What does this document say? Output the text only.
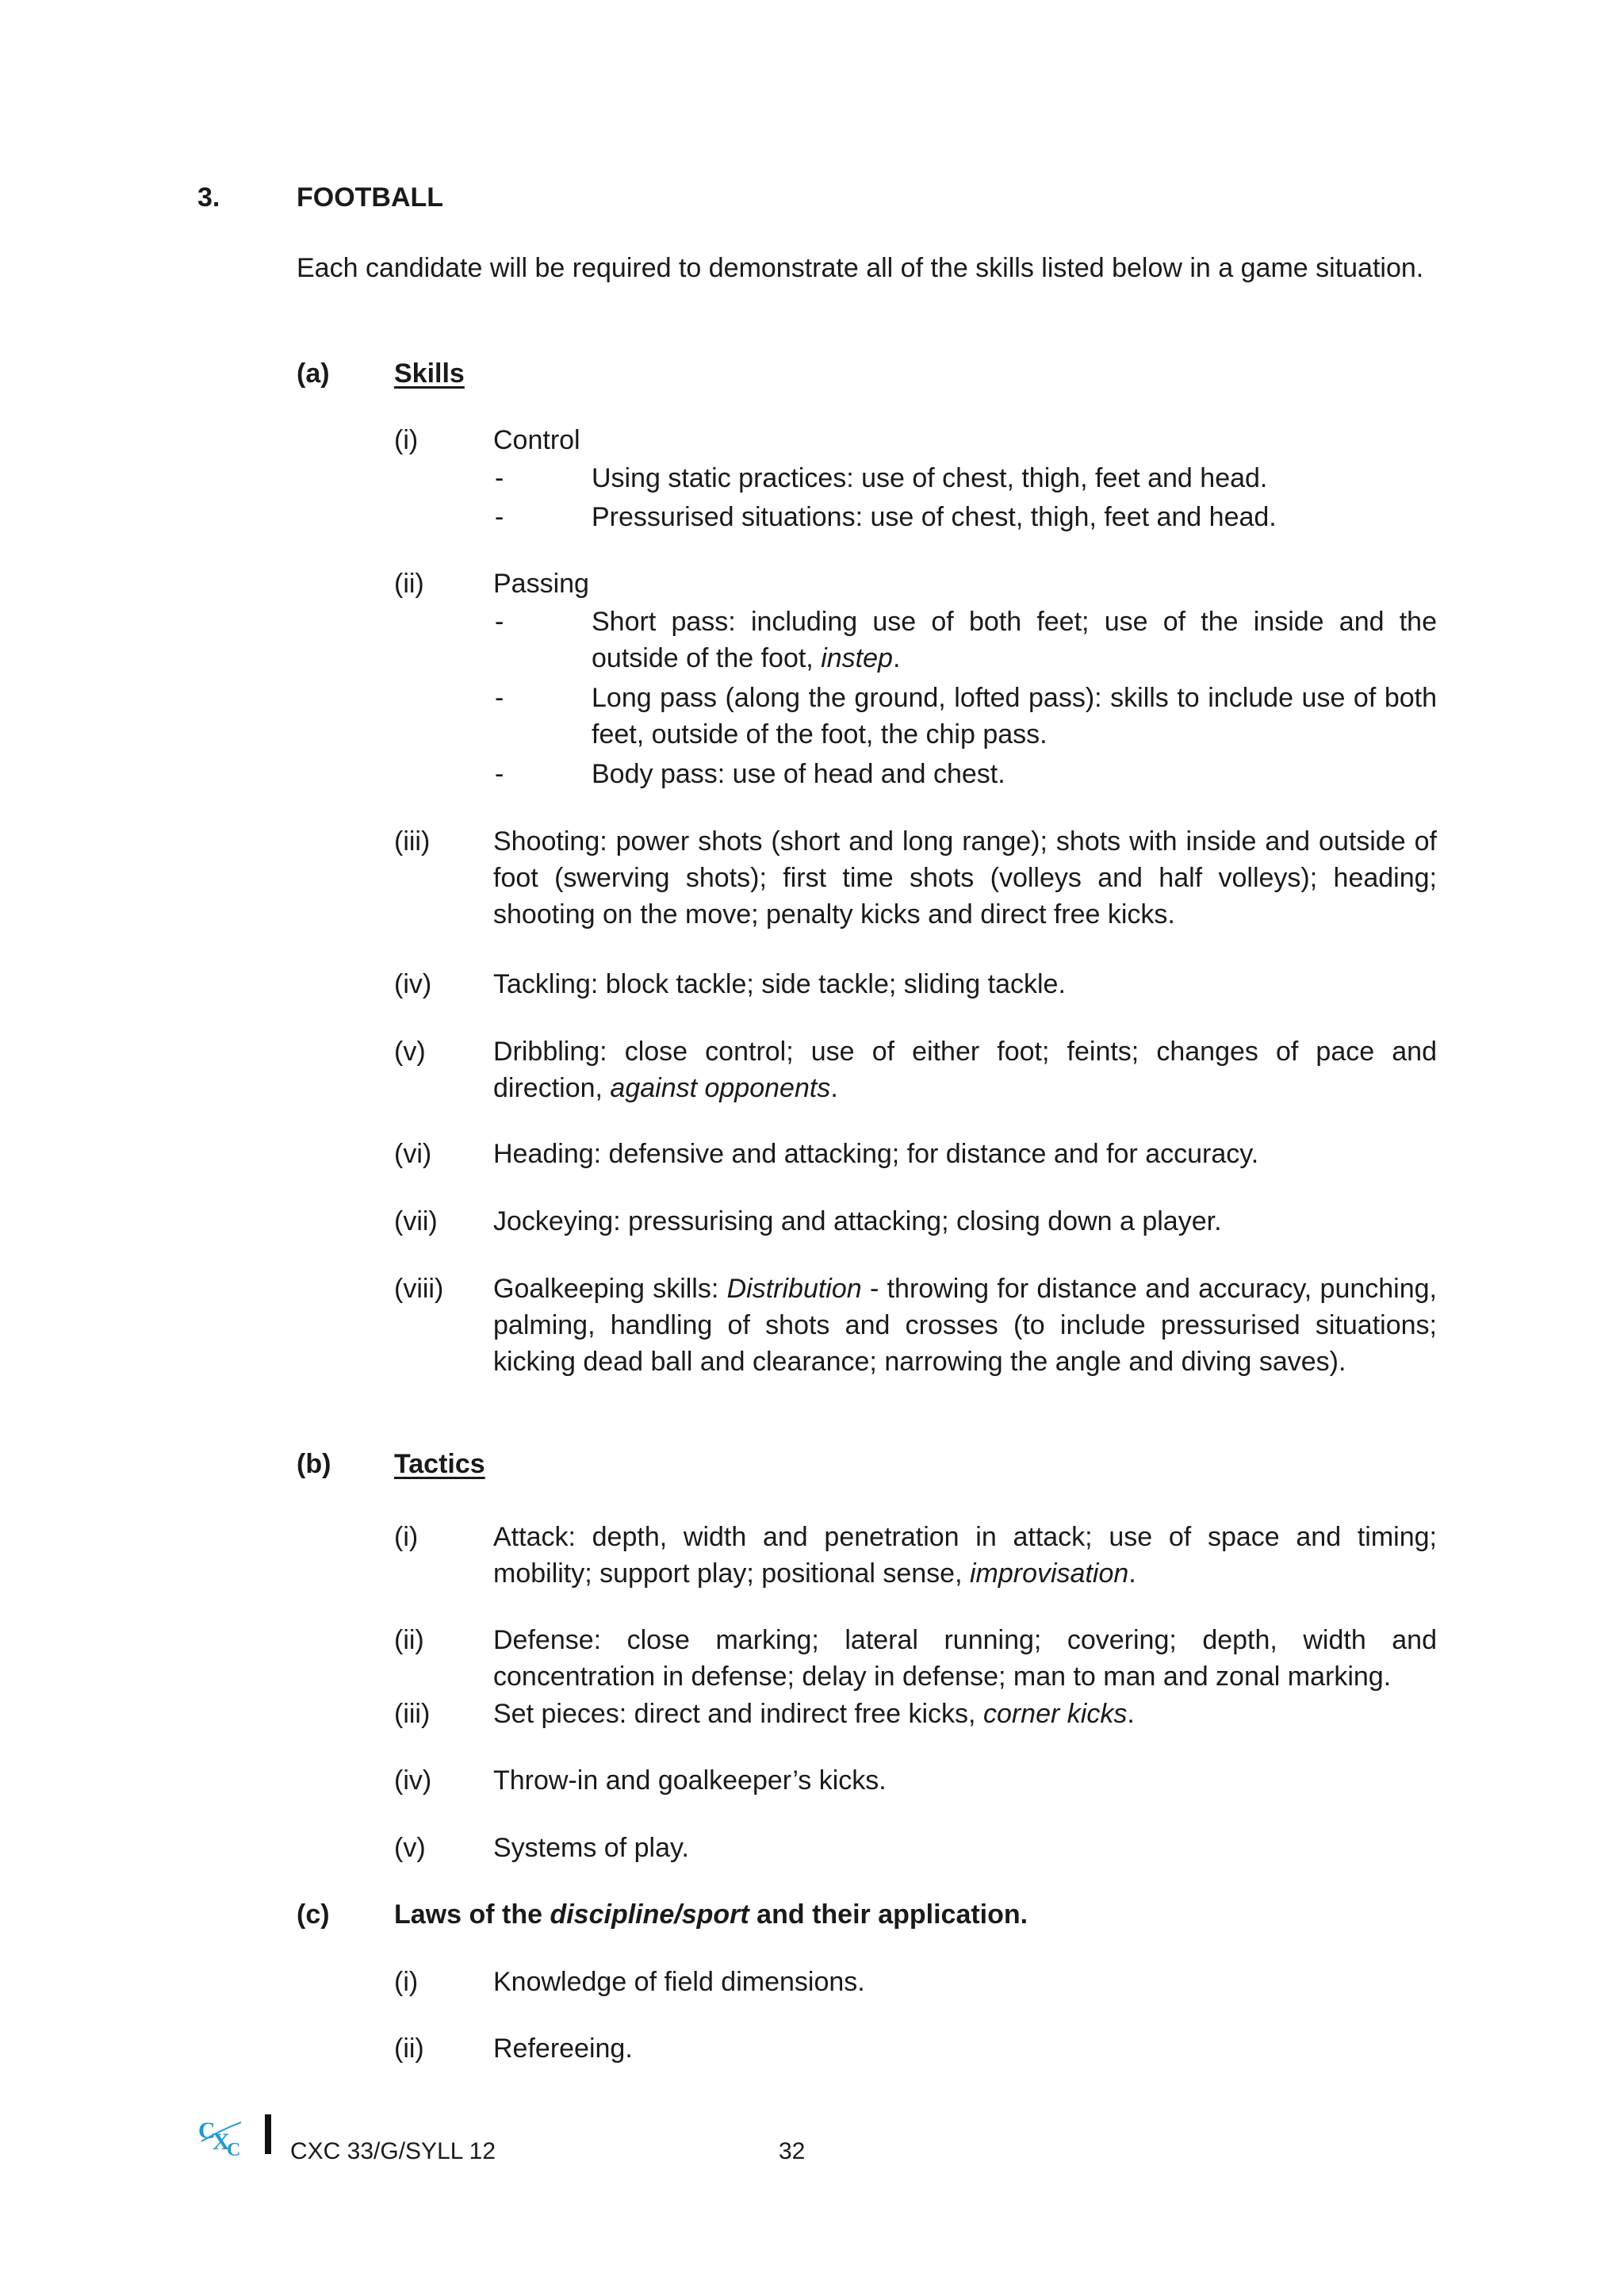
3.	FOOTBALL
Each candidate will be required to demonstrate all of the skills listed below in a game situation.
(a) Skills
(i)	Control
-	Using static practices: use of chest, thigh, feet and head.
-	Pressurised situations: use of chest, thigh, feet and head.
(ii)	Passing
-	Short pass: including use of both feet; use of the inside and the outside of the foot, instep.
-	Long pass (along the ground, lofted pass): skills to include use of both feet, outside of the foot, the chip pass.
-	Body pass: use of head and chest.
(iii) Shooting: power shots (short and long range); shots with inside and outside of foot (swerving shots); first time shots (volleys and half volleys); heading; shooting on the move; penalty kicks and direct free kicks.
(iv) Tackling: block tackle; side tackle; sliding tackle.
(v)	Dribbling: close control; use of either foot; feints; changes of pace and direction, against opponents.
(vi) Heading: defensive and attacking; for distance and for accuracy.
(vii) Jockeying: pressurising and attacking; closing down a player.
(viii) Goalkeeping skills: Distribution - throwing for distance and accuracy, punching, palming, handling of shots and crosses (to include pressurised situations; kicking dead ball and clearance; narrowing the angle and diving saves).
(b) Tactics
(i)	Attack: depth, width and penetration in attack; use of space and timing; mobility; support play; positional sense, improvisation.
(ii)	Defense: close marking; lateral running; covering; depth, width and concentration in defense; delay in defense; man to man and zonal marking.
(iii) Set pieces: direct and indirect free kicks, corner kicks.
(iv) Throw-in and goalkeeper’s kicks.
(v)	Systems of play.
(c) Laws of the discipline/sport and their application.
(i)	Knowledge of field dimensions.
(ii)	Refereeing.
C
X
C CXC 33/G/SYLL 12	32
